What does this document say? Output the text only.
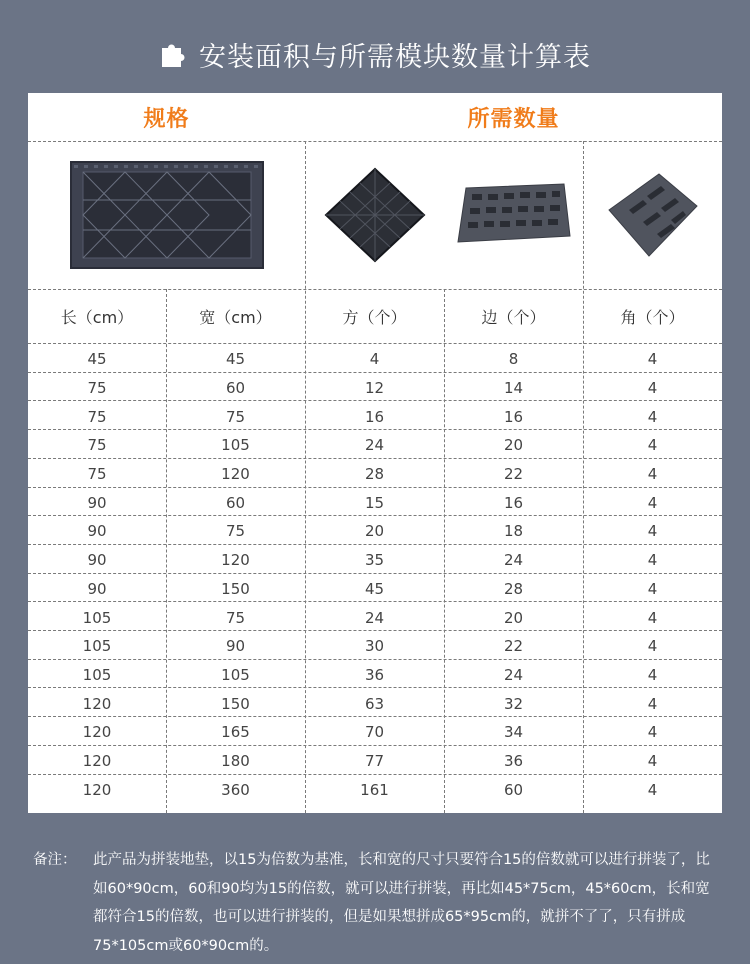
安装面积与所需模块数量计算表
规格	所需数量
长（cm）	宽（cm）	方（个）	边（个）	角（个）
45	45	4	8	4
75	60	12	14	4
75	75	16	16	4
75	105	24	20	4
75	120	28	22	4
90	60	15	16	4
90	75	20	18	4
90	120	35	24	4
90	150	45	28	4
105	75	24	20	4
105	90	30	22	4
105	105	36	24	4
120	150	63	32	4
120	165	70	34	4
120	180	77	36	4
120	360	161	60	4
备注： 此产品为拼装地垫，以15为倍数为基准，长和宽的尺寸只要符合15的倍数就可以进行拼装了，比如60*90cm，60和90均为15的倍数，就可以进行拼装，再比如45*75cm，45*60cm，长和宽都符合15的倍数，也可以进行拼装的，但是如果想拼成65*95cm的，就拼不了了，只有拼成75*105cm或60*90cm的。
